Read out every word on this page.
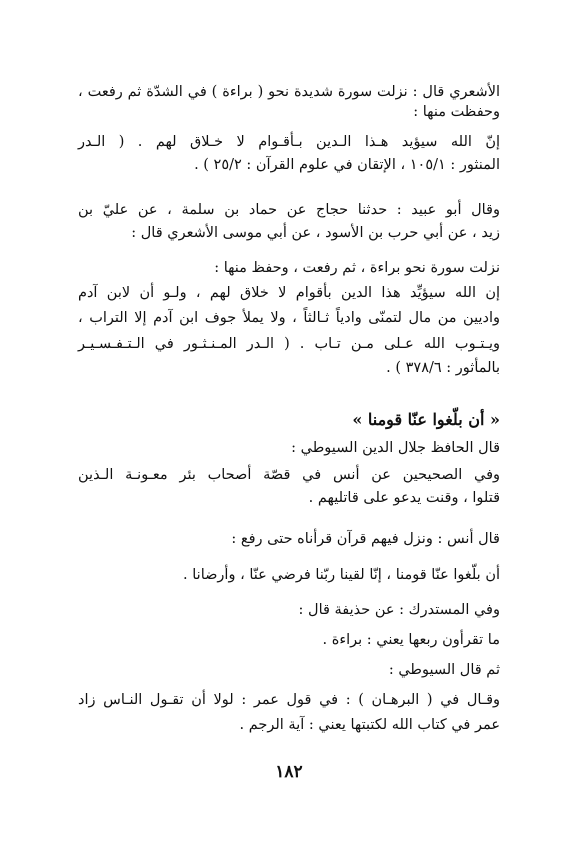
الأشعري قال : نزلت سورة شديدة نحو ( براءة ) في الشدّة ثم رفعت ،
وحفظت منها :
إنّ الله سيؤيد هـذا الـدين بـأقـوام لا خـلاق لهم . ( الـدر
المنثور : ١٠٥/١ ، الإتقان في علوم القرآن : ٢٥/٢ ) .
وقال أبو عبيد : حدثنا حجاج عن حماد بن سلمة ، عن عليّ بن
زيد ، عن أبي حرب بن الأسود ، عن أبي موسى الأشعري قال :
نزلت سورة نحو براءة ، ثم رفعت ، وحفظ منها :
إن الله سيؤيِّد هذا الدين بأقوام لا خلاق لهم ، ولـو أن لابن آدم
واديين من مال لتمنّى وادياً ثـالثاً ، ولا يملأ جوف ابن آدم إلا التراب ،
ويـتـوب الله عـلى مـن تـاب . ( الـدر المـنـثـور في الـتـفـسـيـر
بالمأثور : ٣٧٨/٦ ) .
« أن بلّغوا عنّا قومنا »
قال الحافظ جلال الدين السيوطي :
وفي الصحيحين عن أنس في قصّة أصحاب بئر معـونـة الـذين
قتلوا ، وقنت يدعو على قاتليهم .
قال أنس : ونزل فيهم قرآن قرأناه حتى رفع :
أن بلّغوا عنّا قومنا ، إنّا لقينا ربّنا فرضي عنّا ، وأرضانا .
وفي المستدرك : عن حذيفة قال :
ما تقرأون ربعها يعني : براءة .
ثم قال السيوطي :
وقـال في ( البرهـان ) : في قول عمر : لولا أن تقـول النـاس زاد
عمر في كتاب الله لكتبتها يعني : آية الرجم .
١٨٢
